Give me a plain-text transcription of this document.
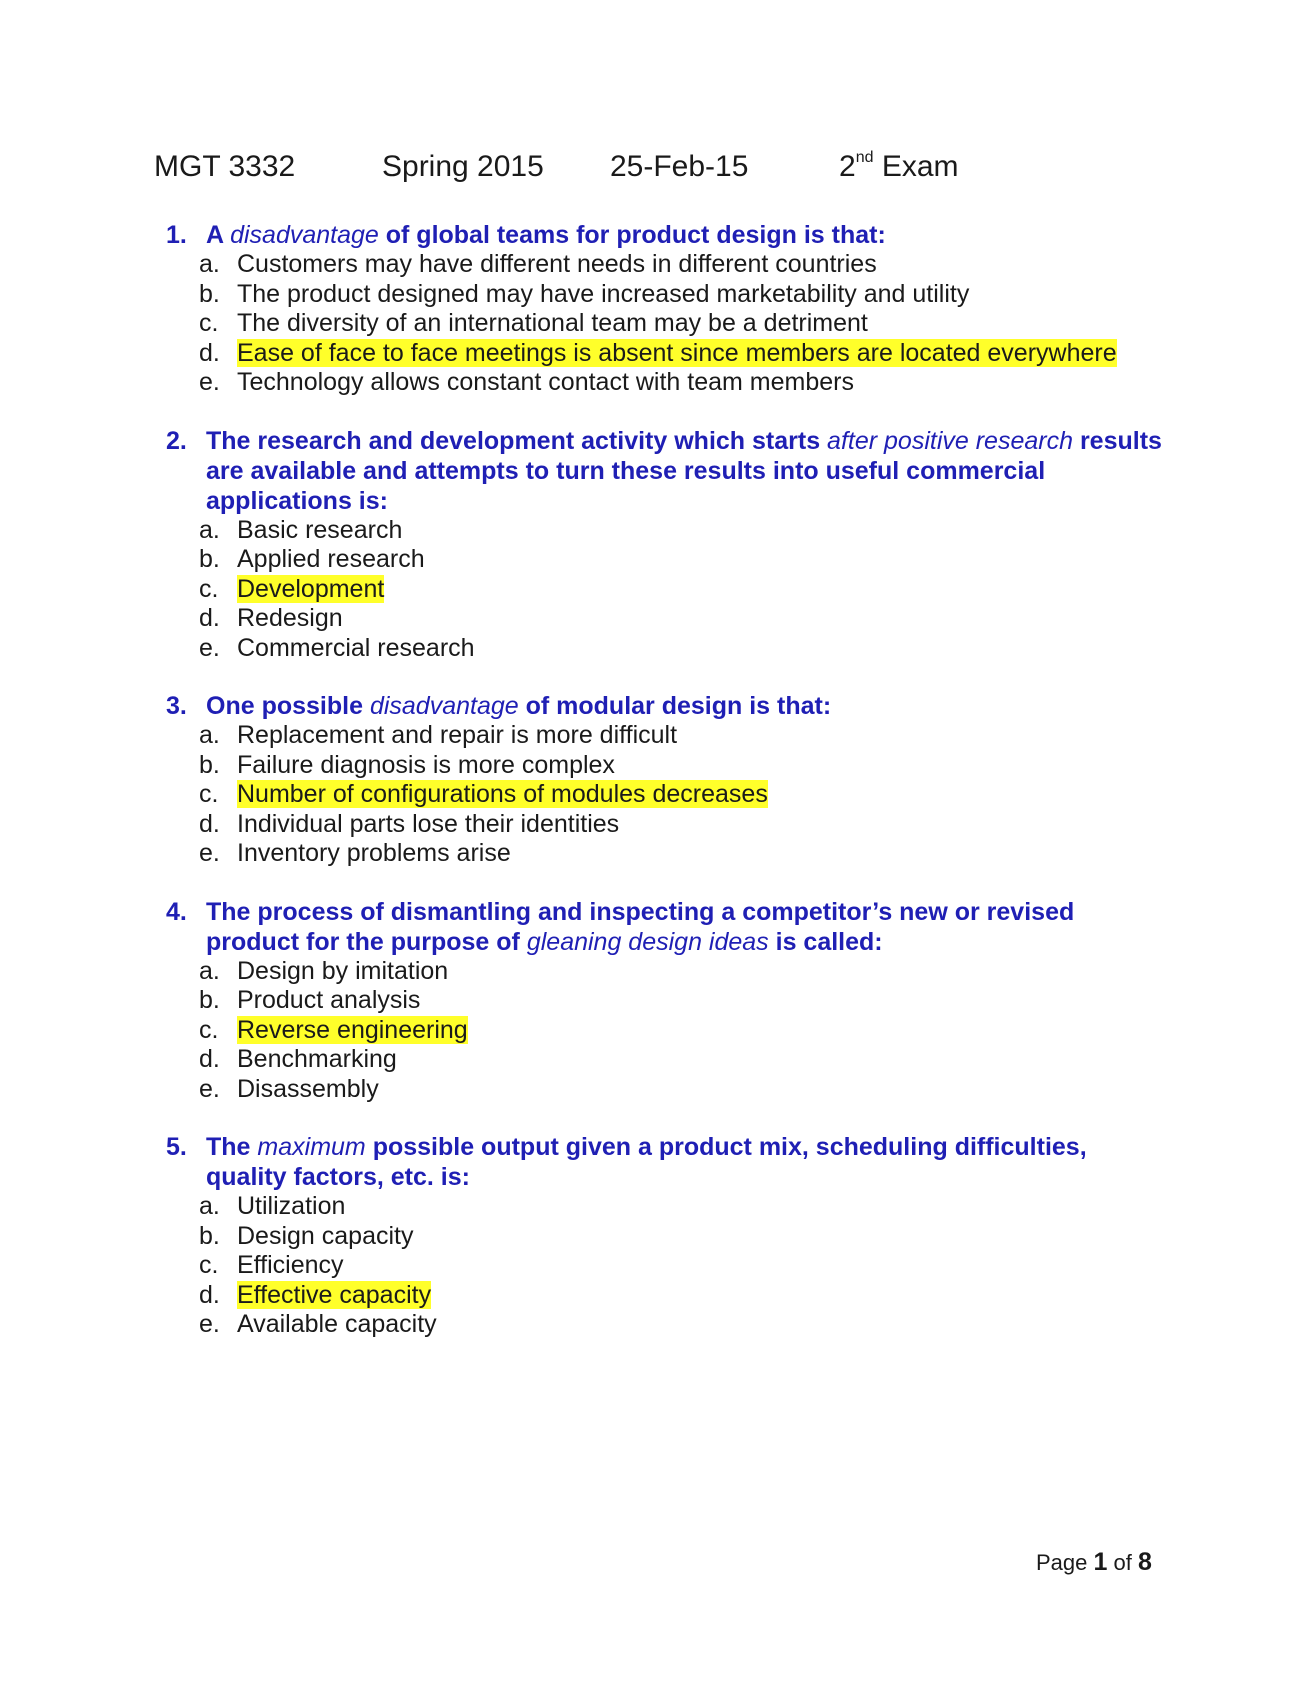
MGT 3332	Spring 2015 25-Feb-15	2nd Exam
1. A disadvantage of global teams for product design is that:
a. Customers may have different needs in different countries
b. The product designed may have increased marketability and utility
c. The diversity of an international team may be a detriment
d. Ease of face to face meetings is absent since members are located everywhere
e. Technology allows constant contact with team members
2. The research and development activity which starts after positive research results are available and attempts to turn these results into useful commercial applications is:
a. Basic research
b. Applied research
c. Development
d. Redesign
e. Commercial research
3. One possible disadvantage of modular design is that:
a. Replacement and repair is more difficult
b. Failure diagnosis is more complex
c. Number of configurations of modules decreases
d. Individual parts lose their identities
e. Inventory problems arise
4. The process of dismantling and inspecting a competitor’s new or revised product for the purpose of gleaning design ideas is called:
a. Design by imitation
b. Product analysis
c. Reverse engineering
d. Benchmarking
e. Disassembly
5. The maximum possible output given a product mix, scheduling difficulties, quality factors, etc. is:
a. Utilization
b. Design capacity
c. Efficiency
d. Effective capacity
e. Available capacity
Page 1 of 8
